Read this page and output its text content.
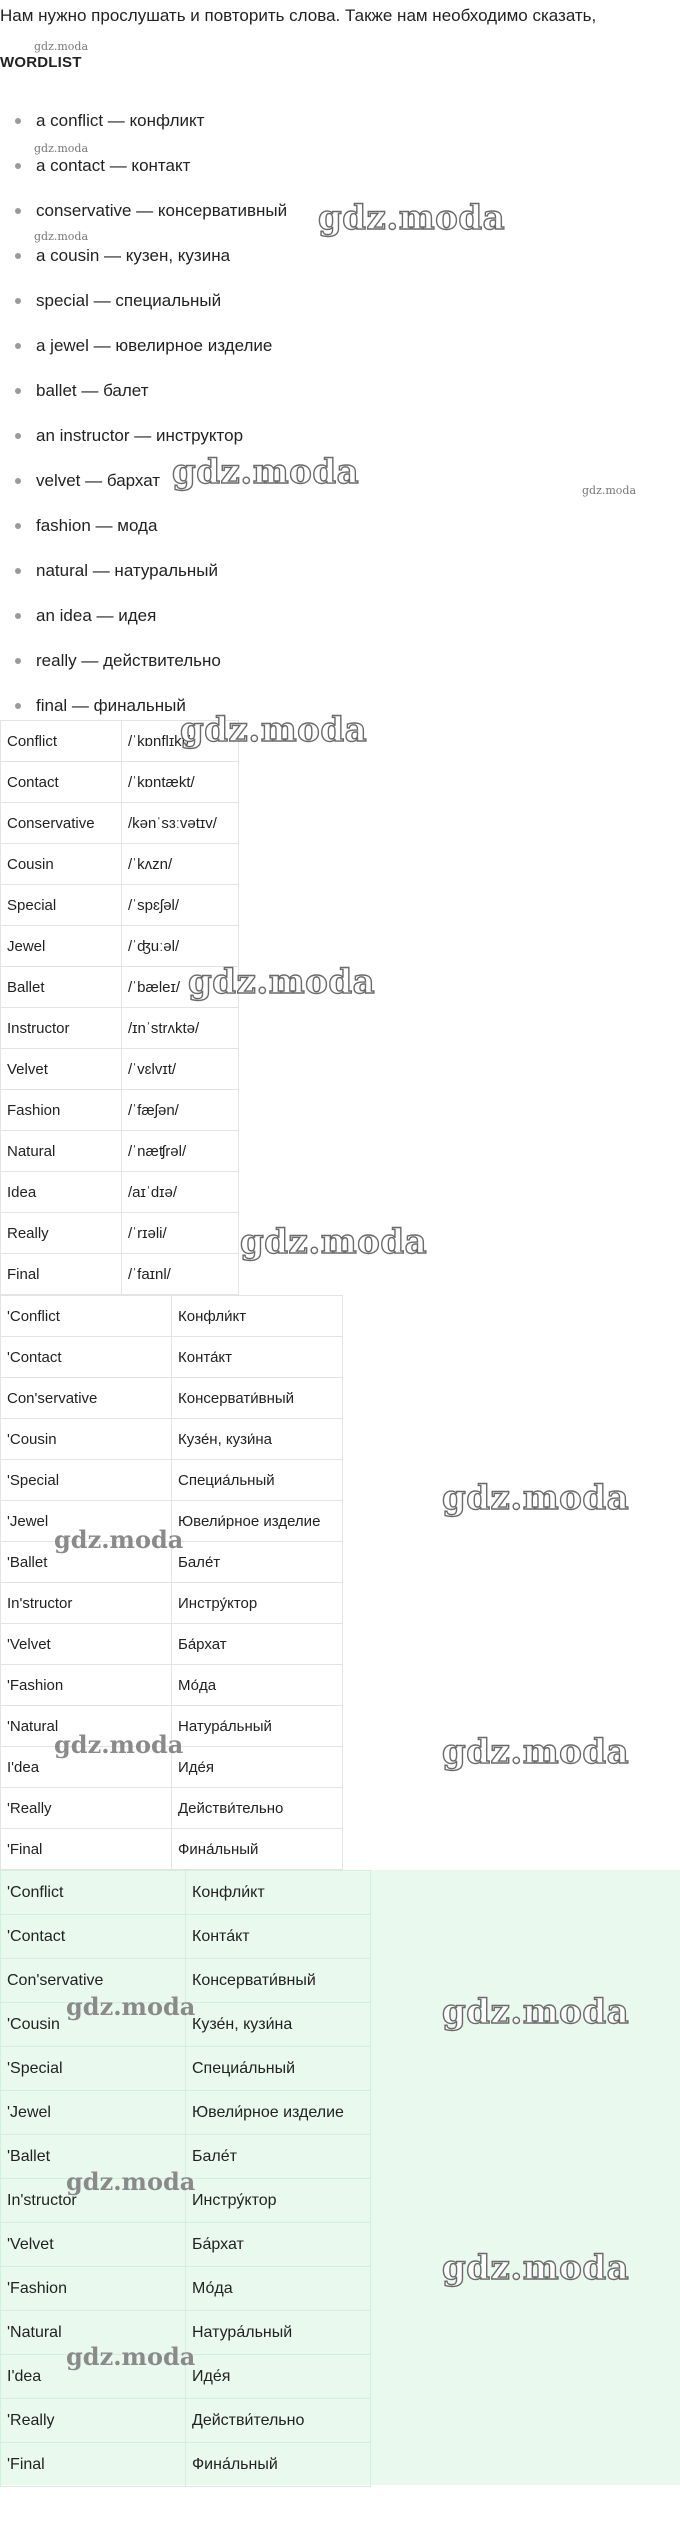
Нам нужно прослушать и повторить слова. Также нам необходимо сказать,
WORDLIST
a conflict — конфликт
a contact — контакт
conservative — консервативный
a cousin — кузен, кузина
special — специальный
a jewel — ювелирное изделие
ballet — балет
an instructor — инструктор
velvet — бархат
fashion — мода
natural — натуральный
an idea — идея
really — действительно
final — финальный
Conflict	/ˈkɒnflɪkt/
Contact	/ˈkɒntækt/
Conservative	/kənˈsɜːvətɪv/
Cousin	/ˈkʌzn/
Special	/ˈspɛʃəl/
Jewel	/ˈʤuːəl/
Ballet	/ˈbæleɪ/
Instructor	/ɪnˈstrʌktə/
Velvet	/ˈvɛlvɪt/
Fashion	/ˈfæʃən/
Natural	/ˈnæʧrəl/
Idea	/aɪˈdɪə/
Really	/ˈrɪəli/
Final	/ˈfaɪnl/
'Conflict	Конфли́кт
'Contact	Конта́кт
Con'servative	Консервати́вный
'Cousin	Кузе́н, кузи́на
'Special	Специа́льный
'Jewel	Ювели́рное изделие
'Ballet	Бале́т
In'structor	Инстру́ктор
'Velvet	Ба́рхат
'Fashion	Мо́да
'Natural	Натура́льный
I'dea	Иде́я
'Really	Действи́тельно
'Final	Фина́льный
'Conflict	Конфли́кт
'Contact	Конта́кт
Con'servative	Консервати́вный
'Cousin	Кузе́н, кузи́на
'Special	Специа́льный
'Jewel	Ювели́рное изделие
'Ballet	Бале́т
In'structor	Инстру́ктор
'Velvet	Ба́рхат
'Fashion	Мо́да
'Natural	Натура́льный
I'dea	Иде́я
'Really	Действи́тельно
'Final	Фина́льный
gdz.moda
gdz.moda
gdz.moda
gdz.moda
gdz.moda
gdz.moda
gdz.moda
gdz.moda
gdz.moda
gdz.moda
gdz.moda
gdz.moda
gdz.moda
gdz.moda
gdz.moda
gdz.moda
gdz.moda
gdz.moda
